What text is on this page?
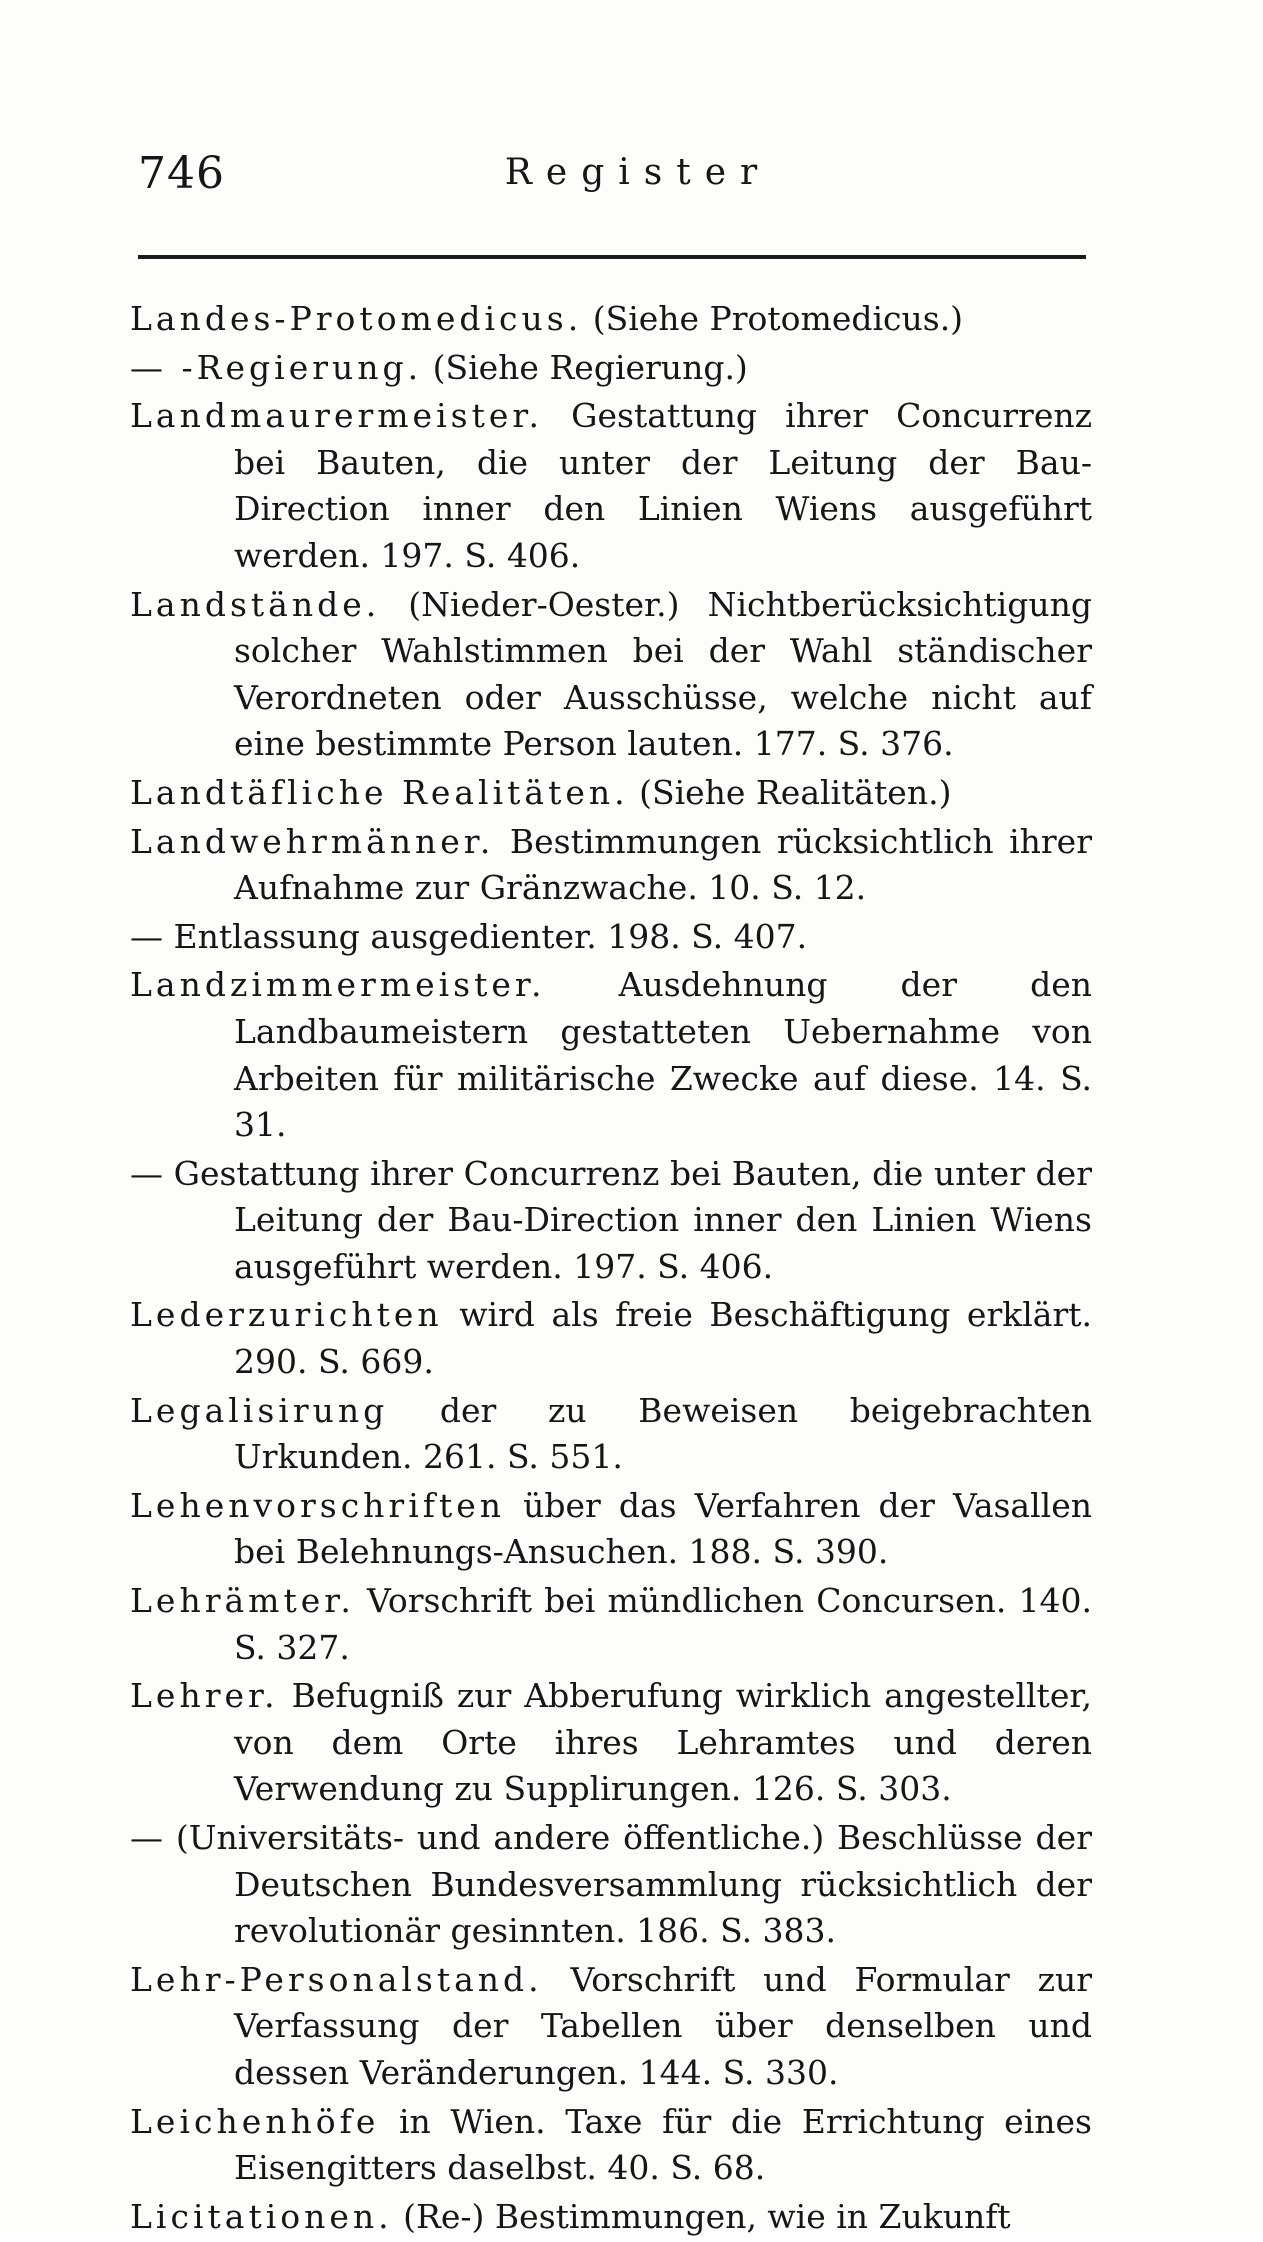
746	Register

Landes-Protomedicus. (Siehe Protomedicus.)

— -Regierung. (Siehe Regierung.)

Landmaurermeister. Gestattung ihrer Concurrenz bei Bauten, die unter der Leitung der Bau-Direction inner den Linien Wiens ausgeführt werden. 197. S. 406.

Landstände. (Nieder-Oester.) Nichtberücksichtigung solcher Wahlstimmen bei der Wahl ständischer Verordneten oder Ausschüsse, welche nicht auf eine bestimmte Person lauten. 177. S. 376.

Landtäfliche Realitäten. (Siehe Realitäten.)

Landwehrmänner. Bestimmungen rücksichtlich ihrer Aufnahme zur Gränzwache. 10. S. 12.

— Entlassung ausgedienter. 198. S. 407.

Landzimmermeister. Ausdehnung der den Landbaumeistern gestatteten Uebernahme von Arbeiten für militärische Zwecke auf diese. 14. S. 31.

— Gestattung ihrer Concurrenz bei Bauten, die unter der Leitung der Bau-Direction inner den Linien Wiens ausgeführt werden. 197. S. 406.

Lederzurichten wird als freie Beschäftigung erklärt. 290. S. 669.

Legalisirung der zu Beweisen beigebrachten Urkunden. 261. S. 551.

Lehenvorschriften über das Verfahren der Vasallen bei Belehnungs-Ansuchen. 188. S. 390.

Lehrämter. Vorschrift bei mündlichen Concursen. 140. S. 327.

Lehrer. Befugniß zur Abberufung wirklich angestellter, von dem Orte ihres Lehramtes und deren Verwendung zu Supplirungen. 126. S. 303.

— (Universitäts- und andere öffentliche.) Beschlüsse der Deutschen Bundesversammlung rücksichtlich der revolutionär gesinnten. 186. S. 383.

Lehr-Personalstand. Vorschrift und Formular zur Verfassung der Tabellen über denselben und dessen Veränderungen. 144. S. 330.

Leichenhöfe in Wien. Taxe für die Errichtung eines Eisengitters daselbst. 40. S. 68.

Licitationen. (Re-) Bestimmungen, wie in Zukunft
